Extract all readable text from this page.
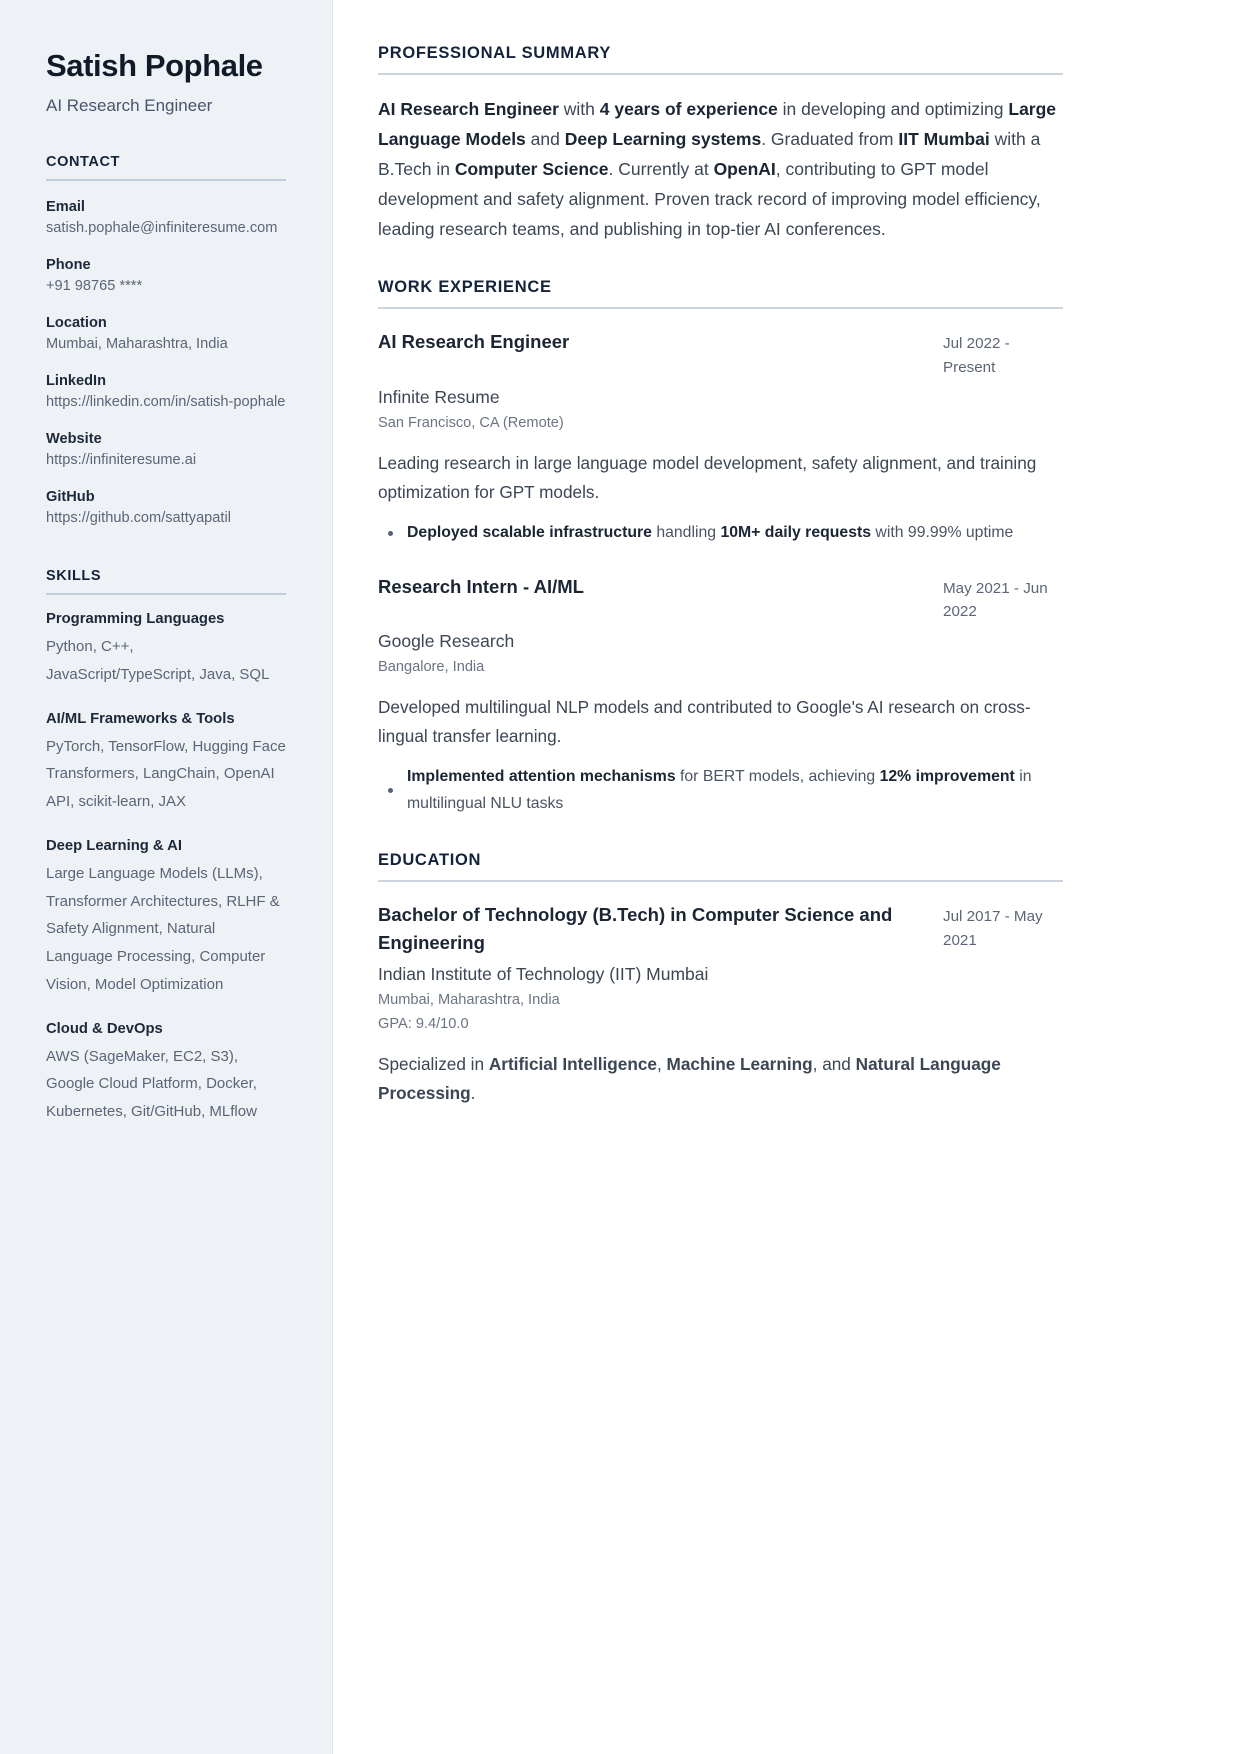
Satish Pophale
AI Research Engineer
CONTACT
Email
satish.pophale@infiniteresume.com
Phone
+91 98765 ****
Location
Mumbai, Maharashtra, India
LinkedIn
https://linkedin.com/in/satish-pophale
Website
https://infiniteresume.ai
GitHub
https://github.com/sattyapatil
SKILLS
Programming Languages
Python, C++, JavaScript/TypeScript, Java, SQL
AI/ML Frameworks & Tools
PyTorch, TensorFlow, Hugging Face Transformers, LangChain, OpenAI API, scikit-learn, JAX
Deep Learning & AI
Large Language Models (LLMs), Transformer Architectures, RLHF & Safety Alignment, Natural Language Processing, Computer Vision, Model Optimization
Cloud & DevOps
AWS (SageMaker, EC2, S3), Google Cloud Platform, Docker, Kubernetes, Git/GitHub, MLflow
PROFESSIONAL SUMMARY

AI Research Engineer with 4 years of experience in developing and optimizing Large Language Models and Deep Learning systems. Graduated from IIT Mumbai with a B.Tech in Computer Science. Currently at OpenAI, contributing to GPT model development and safety alignment. Proven track record of improving model efficiency, leading research teams, and publishing in top-tier AI conferences.

WORK EXPERIENCE
AI Research Engineer	Jul 2022 - Present
Infinite Resume
San Francisco, CA (Remote)

Leading research in large language model development, safety alignment, and training optimization for GPT models.

Deployed scalable infrastructure handling 10M+ daily requests with 99.99% uptime
Research Intern - AI/ML	May 2021 - Jun 2022
Google Research
Bangalore, India

Developed multilingual NLP models and contributed to Google's AI research on cross-lingual transfer learning.

Implemented attention mechanisms for BERT models, achieving 12% improvement in multilingual NLU tasks
EDUCATION
Bachelor of Technology (B.Tech) in Computer Science and Engineering
Jul 2017 - May 2021
Indian Institute of Technology (IIT) Mumbai
Mumbai, Maharashtra, India
GPA: 9.4/10.0

Specialized in Artificial Intelligence, Machine Learning, and Natural Language Processing.
